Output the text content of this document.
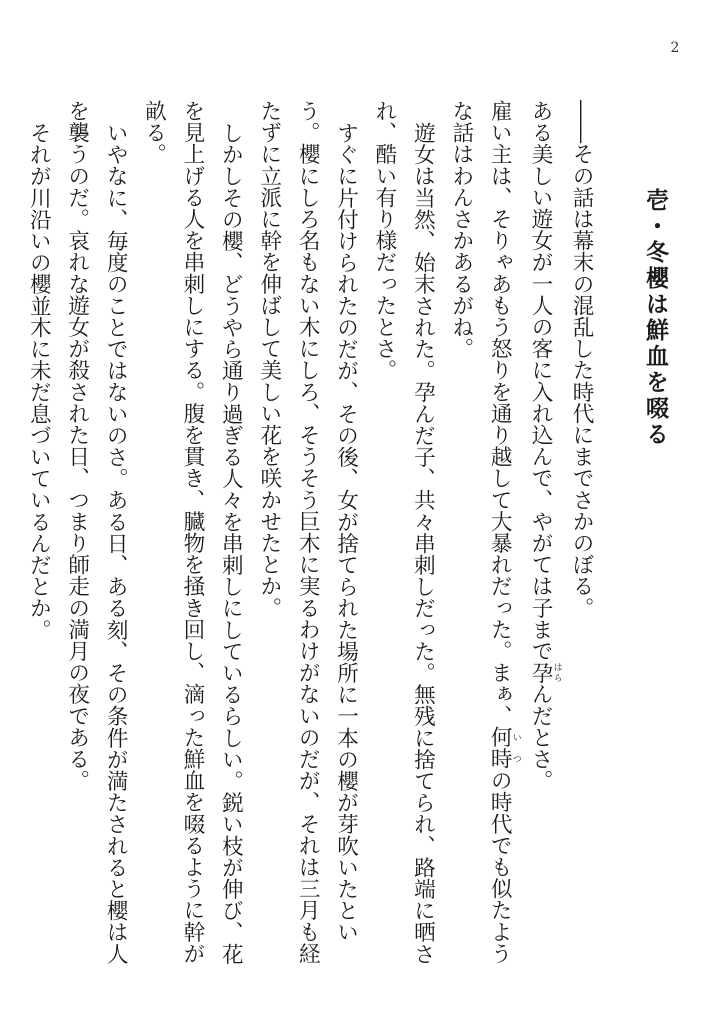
2
壱・冬櫻は鮮血を啜る

――その話は幕末の混乱した時代にまでさかのぼる。

ある美しい遊女が一人の客に入れ込んで、やがては子まで孕はらんだとさ。

雇い主は、そりゃあもう怒りを通り越して大暴れだった。まぁ、何時いつの時代でも似たような話はわんさかあるがね。

遊女は当然、始末された。孕んだ子、共々串刺しだった。無残に捨てられ、路端に晒され、酷い有り様だったとさ。

すぐに片付けられたのだが、その後、女が捨てられた場所に一本の櫻が芽吹いたという。櫻にしろ名もない木にしろ、そうそう巨木に実るわけがないのだが、それは三月も経たずに立派に幹を伸ばして美しい花を咲かせたとか。

しかしその櫻、どうやら通り過ぎる人々を串刺しにしているらしい。鋭い枝が伸び、花を見上げる人を串刺しにする。腹を貫き、臓物を掻き回し、滴った鮮血を啜るように幹が畝る。

いやなに、毎度のことではないのさ。ある日、ある刻、その条件が満たされると櫻は人を襲うのだ。哀れな遊女が殺された日、つまり師走の満月の夜である。

それが川沿いの櫻並木に未だ息づいているんだとか。
